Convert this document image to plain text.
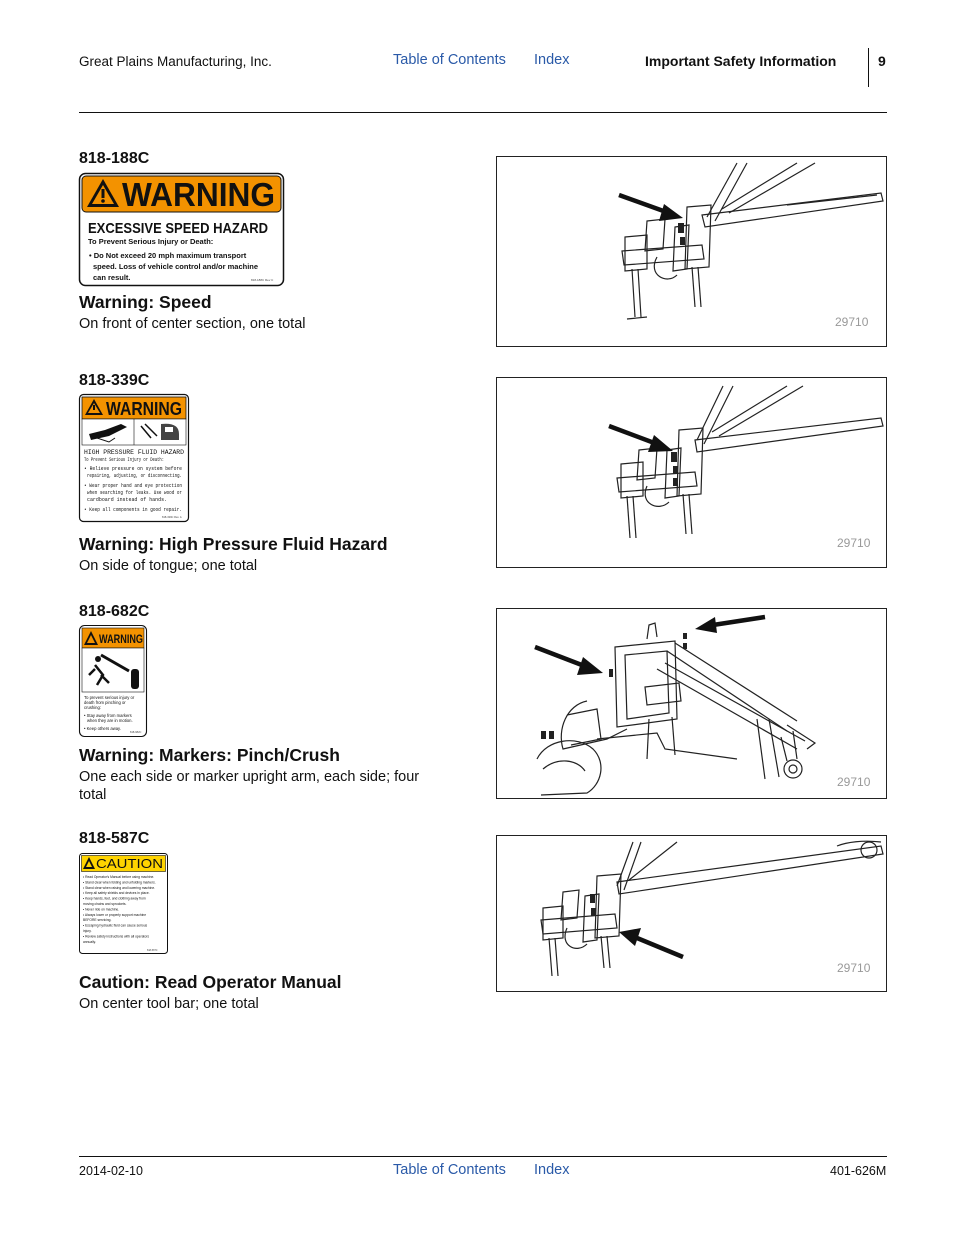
Great Plains Manufacturing, Inc.	Table of Contents Index	Important Safety Information	9
818-188C
WARNING
EXCESSIVE SPEED HAZARD
To Prevent Serious Injury or Death:
• Do Not exceed 20 mph maximum transport
speed. Loss of vehicle control and/or machine
can result.	818-188C Rev C
Warning: Speed
On front of center section, one total	29710
818-339C
WARNING
HIGH PRESSURE FLUID HAZARD
To Prevent Serious Injury or Death:
• Relieve pressure on system before
repairing, adjusting, or disconnecting.
• Wear proper hand and eye protection
when searching for leaks. Use wood or
cardboard instead of hands.
• Keep all components in good repair.
818-339C Rev. A
Warning: High Pressure Fluid Hazard
On side of tongue; one total
29710
818-682C
WARNING
To prevent serious injury or
death from pinching or
crushing:
• Stay away from markers
when they are in motion.
• Keep others away.
818-682C
Warning: Markers: Pinch/Crush
One each side or marker upright arm, each side; four total
29710
818-587C
CAUTION
• Read Operator's Manual before using machine.
• Stand clear when folding and unfolding markers.
• Stand clear when raising and lowering machine.
• Keep all safety shields and devices in place.
• Keep hands, feet, and clothing away from
moving chains and sprockets.
• Never ride on machine.
• Always lower or properly support machine
BEFORE servicing.
• Escaping hydraulic fluid can cause serious
injury.
• Review safety instructions with all operators
annually.
818-587C
Caution: Read Operator Manual
On center tool bar; one total
29710
2014-02-10	Table of Contents Index	401-626M
